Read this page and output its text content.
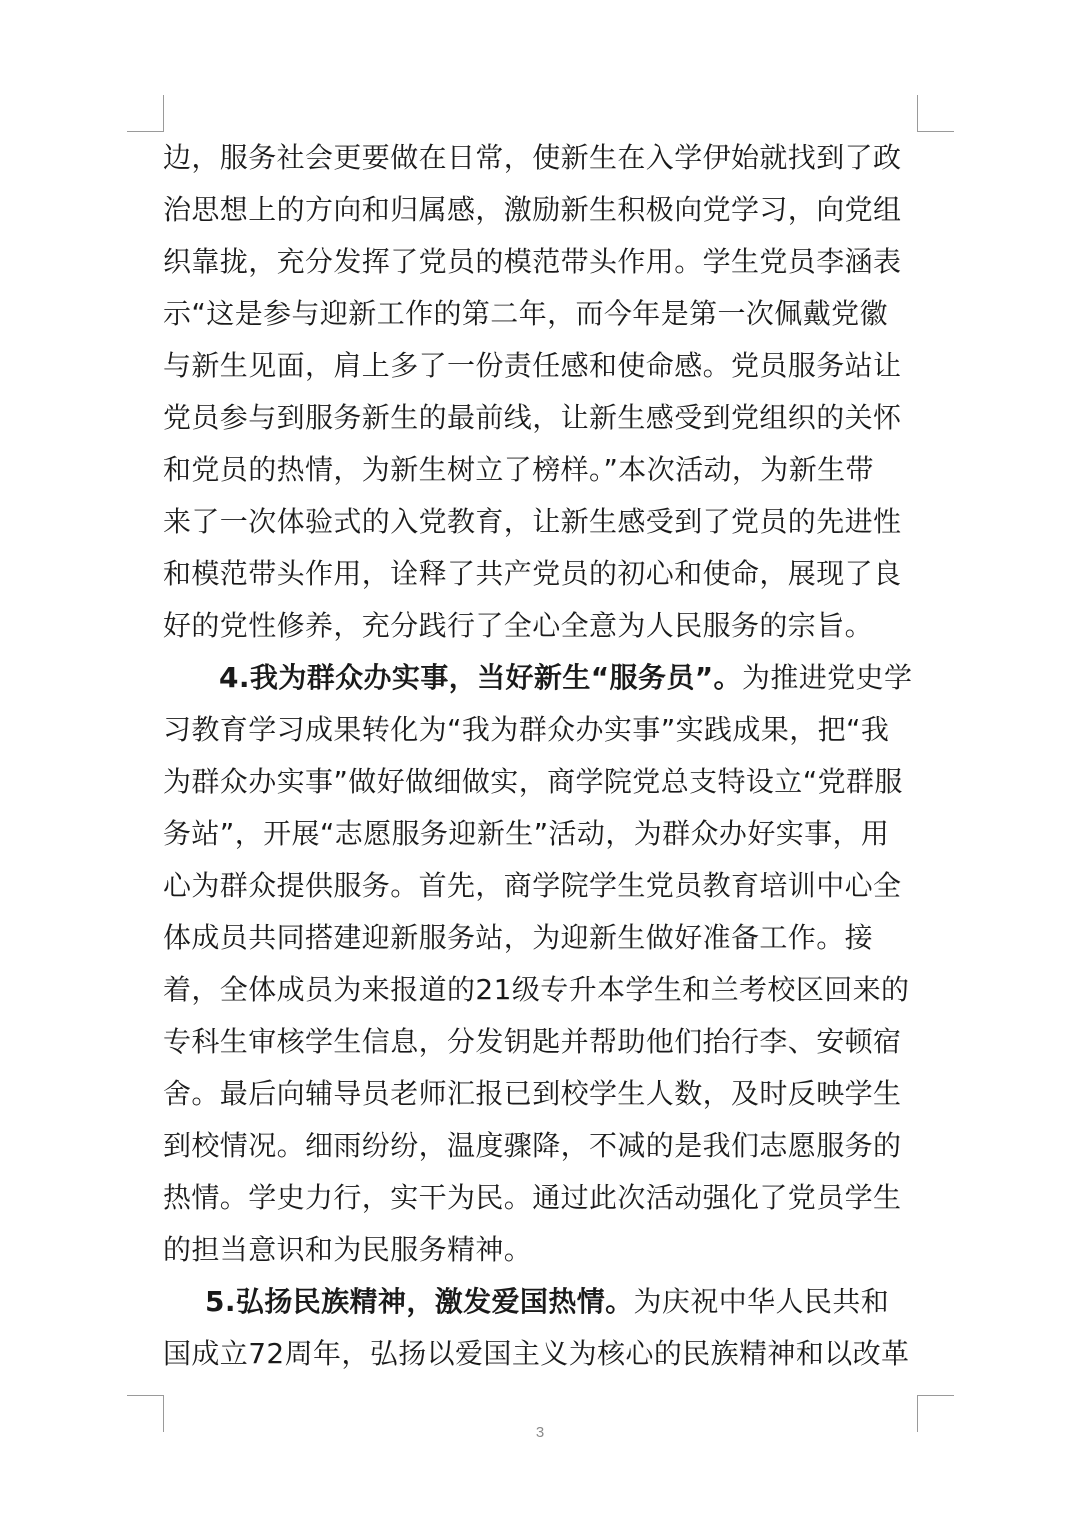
边，服务社会更要做在日常，使新生在入学伊始就找到了政
治思想上的方向和归属感，激励新生积极向党学习，向党组
织靠拢，充分发挥了党员的模范带头作用。学生党员李涵表
示“这是参与迎新工作的第二年，而今年是第一次佩戴党徽
与新生见面，肩上多了一份责任感和使命感。党员服务站让
党员参与到服务新生的最前线，让新生感受到党组织的关怀
和党员的热情，为新生树立了榜样。”本次活动，为新生带
来了一次体验式的入党教育，让新生感受到了党员的先进性
和模范带头作用，诠释了共产党员的初心和使命，展现了良
好的党性修养，充分践行了全心全意为人民服务的宗旨。
4.我为群众办实事，当好新生“服务员”。为推进党史学
习教育学习成果转化为“我为群众办实事”实践成果，把“我
为群众办实事”做好做细做实，商学院党总支特设立“党群服
务站”，开展“志愿服务迎新生”活动，为群众办好实事，用
心为群众提供服务。首先，商学院学生党员教育培训中心全
体成员共同搭建迎新服务站，为迎新生做好准备工作。接
着，全体成员为来报道的21级专升本学生和兰考校区回来的
专科生审核学生信息，分发钥匙并帮助他们抬行李、安顿宿
舍。最后向辅导员老师汇报已到校学生人数，及时反映学生
到校情况。细雨纷纷，温度骤降，不减的是我们志愿服务的
热情。学史力行，实干为民。通过此次活动强化了党员学生
的担当意识和为民服务精神。
5.弘扬民族精神，激发爱国热情。为庆祝中华人民共和
国成立72周年，弘扬以爱国主义为核心的民族精神和以改革
3
